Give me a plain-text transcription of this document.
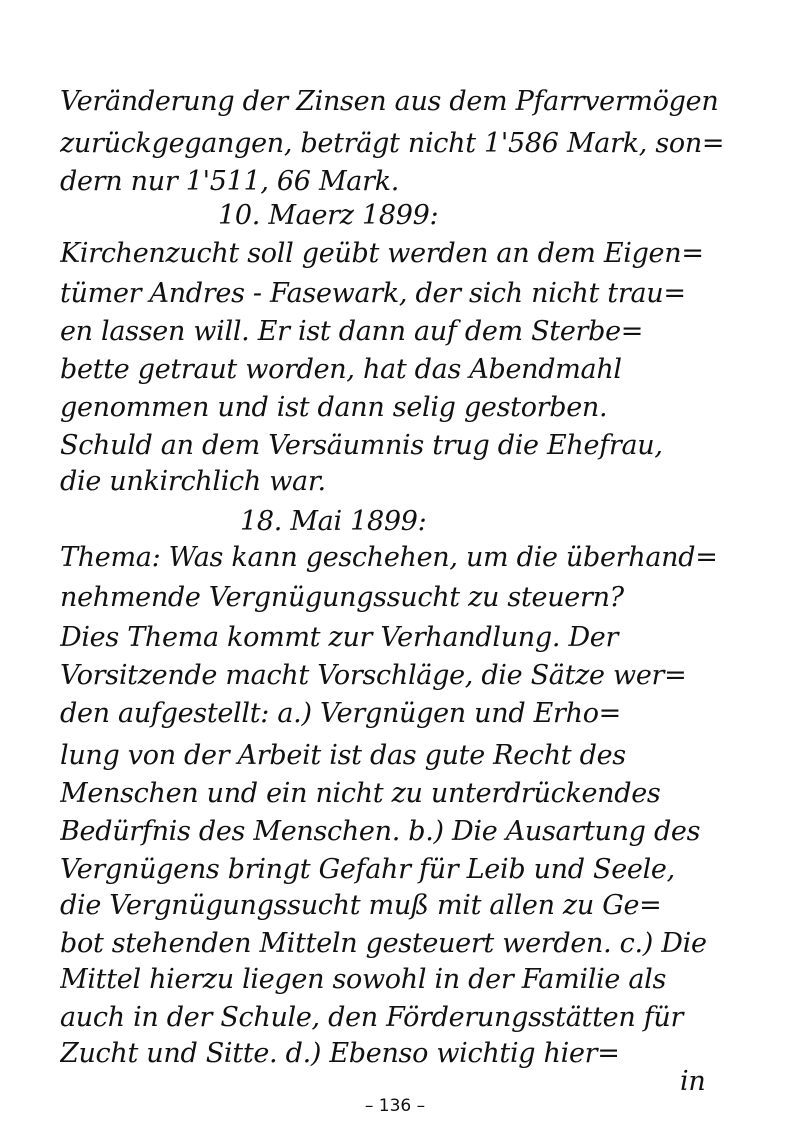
Veränderung der Zinsen aus dem Pfarrvermögen
zurückgegangen, beträgt nicht 1'586 Mark, son=
dern nur 1'511, 66 Mark.
10. Maerz 1899:
Kirchenzucht soll geübt werden an dem Eigen=
tümer Andres - Fasewark, der sich nicht trau=
en lassen will. Er ist dann auf dem Sterbe=
bette getraut worden, hat das Abendmahl
genommen und ist dann selig gestorben.
Schuld an dem Versäumnis trug die Ehefrau,
die unkirchlich war.
18. Mai 1899:
Thema: Was kann geschehen, um die überhand=
nehmende Vergnügungssucht zu steuern?
Dies Thema kommt zur Verhandlung. Der
Vorsitzende macht Vorschläge, die Sätze wer=
den aufgestellt: a.) Vergnügen und Erho=
lung von der Arbeit ist das gute Recht des
Menschen und ein nicht zu unterdrückendes
Bedürfnis des Menschen. b.) Die Ausartung des
Vergnügens bringt Gefahr für Leib und Seele,
die Vergnügungssucht muß mit allen zu Ge=
bot stehenden Mitteln gesteuert werden. c.) Die
Mittel hierzu liegen sowohl in der Familie als
auch in der Schule, den Förderungsstätten für
Zucht und Sitte. d.) Ebenso wichtig hier=
in
– 136 –
